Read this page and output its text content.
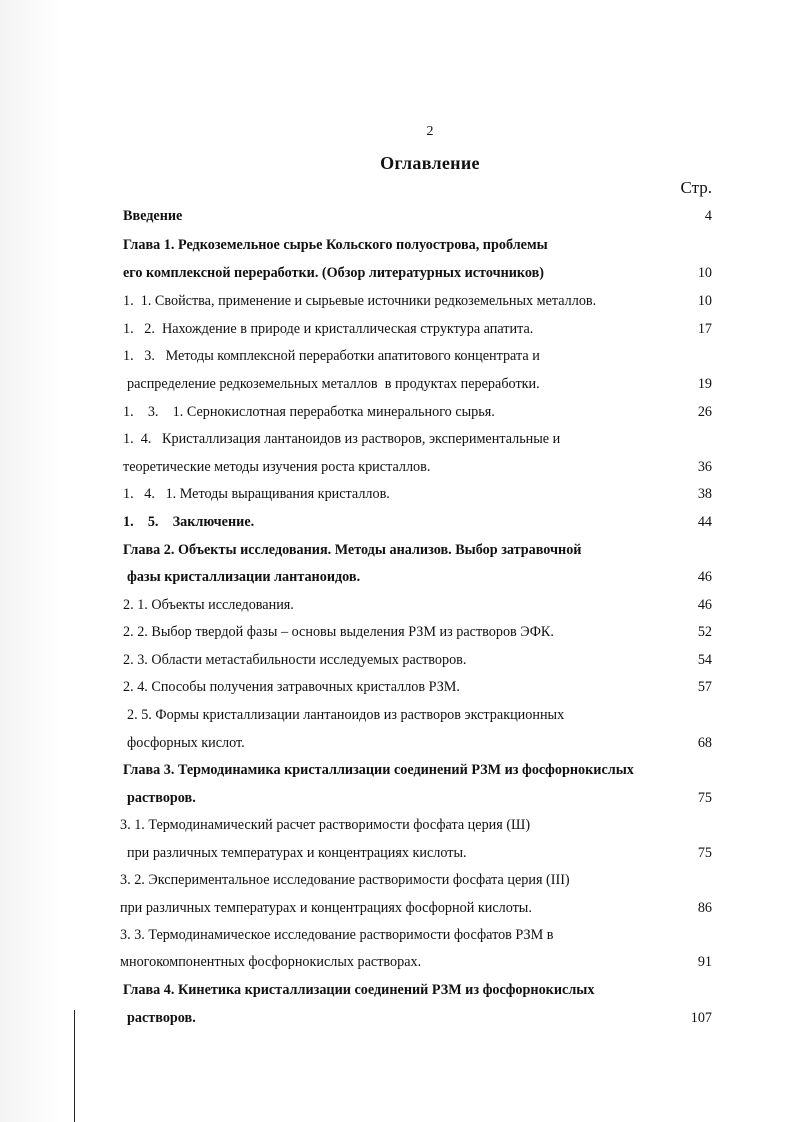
2
Оглавление
Стр.
Введение	4
Глава 1. Редкоземельное сырье Кольского полуострова, проблемы
его комплексной переработки. (Обзор литературных источников)	10
1.  1. Свойства, применение и сырьевые источники редкоземельных металлов.	10
1.   2.  Нахождение в природе и кристаллическая структура апатита.	17
1.   3.   Методы комплексной переработки апатитового концентрата и
распределение редкоземельных металлов  в продуктах переработки.	19
1.    3.    1. Сернокислотная переработка минерального сырья.	26
1.  4.   Кристаллизация лантаноидов из растворов, экспериментальные и
теоретические методы изучения роста кристаллов.	36
1.   4.   1. Методы выращивания кристаллов.	38
1.    5.    Заключение.	44
Глава 2. Объекты исследования. Методы анализов. Выбор затравочной
фазы кристаллизации лантаноидов.	46
2. 1. Объекты исследования.	46
2. 2. Выбор твердой фазы – основы выделения РЗМ из растворов ЭФК.	52
2. 3. Области метастабильности исследуемых растворов.	54
2. 4. Способы получения затравочных кристаллов РЗМ.	57
2. 5. Формы кристаллизации лантаноидов из растворов экстракционных
фосфорных кислот.	68
Глава 3. Термодинамика кристаллизации соединений РЗМ из фосфорнокислых
растворов.	75
3. 1. Термодинамический расчет растворимости фосфата церия (Ш)
при различных температурах и концентрациях кислоты.	75
3. 2. Экспериментальное исследование растворимости фосфата церия (III)
при различных температурах и концентрациях фосфорной кислоты.	86
3. 3. Термодинамическое исследование растворимости фосфатов РЗМ в
многокомпонентных фосфорнокислых растворах.	91
Глава 4. Кинетика кристаллизации соединений РЗМ из фосфорнокислых
растворов.	107
